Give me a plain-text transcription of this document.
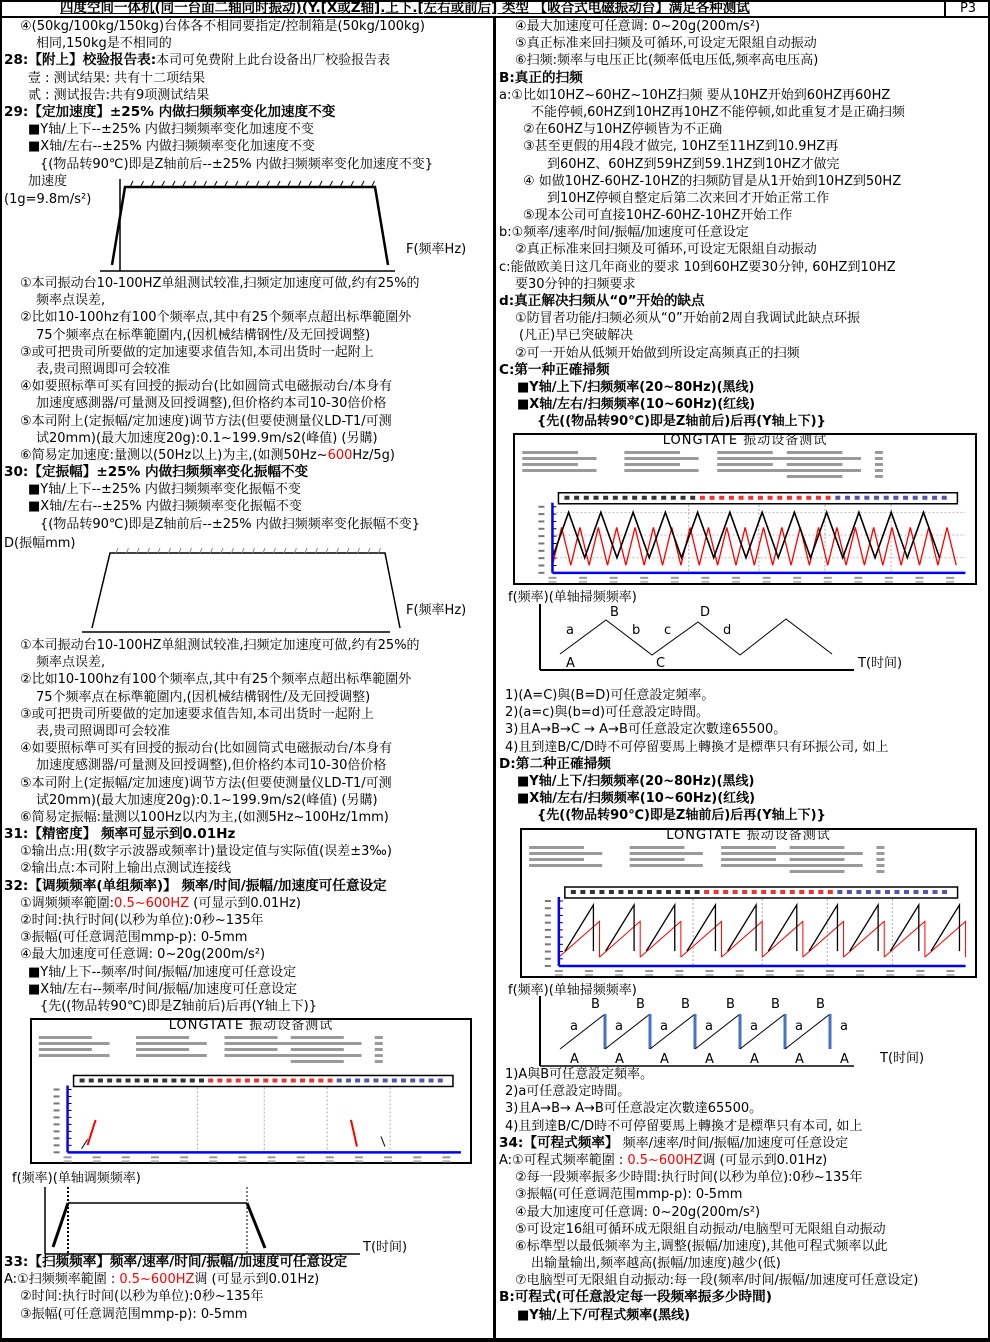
四度空间一体机(同一台面二轴同时振动)(Y.[X或Z轴].上下.[左右或前后] 类型 【吸合式电磁振动台】满足各种测试	P3
④(50kg/100kg/150kg)台体各不相同要指定/控制箱是(50kg/100kg)
相同,150kg是不相同的
28:【附上】校验报告表:本司可免费附上此台设备出厂校验报告表
壹 : 测试结果: 共有十二项结果
贰 : 测试报告:共有9项测试结果
29:【定加速度】±25% 内做扫频频率变化加速度不变
■Y轴/上下--±25% 内做扫频频率变化加速度不变
■X轴/左右--±25% 内做扫频频率变化加速度不变
{(物品转90℃)即是Z轴前后--±25% 内做扫频频率变化加速度不变}
加速度
(1g=9.8m/s²)
F(频率Hz)
①本司振动台10-100HZ单組测试较准,扫频定加速度可做,约有25%的
频率点误差,
②比如10-100hz有100个频率点,其中有25个频率点超出标準範圍外
75个频率点在标準範圍内,(因机械结構钢性/及无回授调整)
③或可把贵司所要做的定加速要求值告知,本司出货时一起附上
表,贵司照调即可会较准
④如要照标準可买有回授的振动台(比如圆筒式电磁振动台/本身有
加速度感測器/可量测及回授调整),但价格约本司10-30倍价格
⑤本司附上(定振幅/定加速度)调节方法(但要使测量仪LD-T1/可测
试20mm)(最大加速度20g):0.1~199.9m/s2(峰值) (另購)
⑥简易定加速度:量测以(50Hz以上)为主,(如测50Hz~600Hz/5g)
30:【定振幅】±25% 内做扫频频率变化振幅不变
■Y轴/上下--±25% 内做扫频频率变化振幅不变
■X轴/左右--±25% 内做扫频频率变化振幅不变
{(物品转90℃)即是Z轴前后--±25% 内做扫频频率变化振幅不变}
D(振幅mm)
F(频率Hz)
①本司振动台10-100HZ单組测试较准,扫频定加速度可做,约有25%的
频率点误差,
②比如10-100hz有100个频率点,其中有25个频率点超出标準範圍外
75个频率点在标準範圍内,(因机械结構钢性/及无回授调整)
③或可把贵司所要做的定加速要求值告知,本司出货时一起附上
表,贵司照调即可会较准
④如要照标準可买有回授的振动台(比如圆筒式电磁振动台/本身有
加速度感測器/可量测及回授调整),但价格约本司10-30倍价格
⑤本司附上(定振幅/定加速度)调节方法(但要使测量仪LD-T1/可测
试20mm)(最大加速度20g):0.1~199.9m/s2(峰值) (另購)
⑥简易定振幅:量测以100Hz以内为主,(如测5Hz~100Hz/1mm)
31:【精密度】 频率可显示到0.01Hz
①输出点:用(数字示波器或频率计)量设定值与实际值(误差±3‰)
②输出点:本司附上输出点测试连接线
32:【调频频率(单组频率)】 频率/时间/振幅/加速度可任意设定
①调频频率範圍:0.5~600HZ (可显示到0.01Hz)
②时间:执行时间(以秒为单位):0秒~135年
③振幅(可任意调范围mmp-p): 0-5mm
④最大加速度可任意调: 0~20g(200m/s²)
■Y轴/上下--频率/时间/振幅/加速度可任意设定
■X轴/左右--频率/时间/振幅/加速度可任意设定
{先((物品转90℃)即是Z轴前后)后再(Y轴上下)}
LONGTATE 振动设备测试
f(频率)(单轴调频频率)
T(时间)
33:【扫频频率】频率/速率/时间/振幅/加速度可任意设定
A:①扫频频率範圍 : 0.5~600HZ调 (可显示到0.01Hz)
②时间:执行时间(以秒为单位):0秒~135年
③振幅(可任意调范围mmp-p): 0-5mm
④最大加速度可任意调: 0~20g(200m/s²)
⑤真正标准来回扫频及可循环,可设定无限組自动振动
⑥扫频:频率与电压正比(频率低电压低,频率高电压高)
B:真正的扫频
a:①比如10HZ~60HZ~10HZ扫频 要从10HZ开始到60HZ再60HZ
不能停顿,60HZ到10HZ再10HZ不能停顿,如此重复才是正确扫频
②在60HZ与10HZ停顿皆为不正确
③甚至更假的用4段才做完, 10HZ至11HZ到10.9HZ再
到60HZ、60HZ到59HZ到59.1HZ到10HZ才做完
④ 如做10HZ-60HZ-10HZ的扫频防冒是从1开始到10HZ到50HZ
到10HZ停顿自整定后第二次来回才开始正常工作
⑤现本公司可直接10HZ-60HZ-10HZ开始工作
b:①频率/速率/时间/振幅/加速度可任意设定
②真正标准来回扫频及可循环,可设定无限組自动振动
c:能做欧美日这几年商业的要求 10到60HZ要30分钟, 60HZ到10HZ
要30分钟的扫频要求
d:真正解决扫频从“0”开始的缺点
①防冒者功能/扫频必须从“0”开始前2周自我调试此缺点环振
(凡正)早已突破解决
②可一开始从低频开始做到所设定高频真正的扫频
C:第一种正確掃频
■Y轴/上下/扫频频率(20~80Hz)(黑线)
■X轴/左右/扫频频率(10~60Hz)(红线)
{先((物品转90℃)即是Z轴前后)后再(Y轴上下)}
LONGTATE 振动设备测试
f(频率)(单轴掃频频率)
T(时间)
B	D
a	b c	d
A	C
1)(A=C)與(B=D)可任意設定頻率。
2)(a=c)與(b=d)可任意設定時間。
3)且A→B→C → A→B可任意設定次數達65500。
4)且到達B/C/D時不可停留要馬上轉換才是標準只有环振公司, 如上
D:第二种正確掃频
■Y轴/上下/扫频频率(20~80Hz)(黑线)
■X轴/左右/扫频频率(10~60Hz)(红线)
{先((物品转90℃)即是Z轴前后)后再(Y轴上下)}
LONGTATE 振动设备测试
f(频率)(单轴掃频频率)
T(时间)
B	B	B	B	B	B
a
A
a
A
a
A
a
A
a
A
a
A
a
A
1)A與B可任意設定頻率。
2)a可任意設定時間。
3)且A→B→ A→B可任意設定次數達65500。
4)且到達B/C/D時不可停留要馬上轉換才是標準只有本司, 如上
34:【可程式频率】 频率/速率/时间/振幅/加速度可任意设定
A:①可程式频率範圍 : 0.5~600HZ调 (可显示到0.01Hz)
②每一段频率振多少時間:执行时间(以秒为单位):0秒~135年
③振幅(可任意调范围mmp-p): 0-5mm
④最大加速度可任意调: 0~20g(200m/s²)
⑤可设定16組可循环成无限組自动振动/电脑型可无限組自动振动
⑥标準型以最低频率为主,调整(振幅/加速度),其他可程式频率以此
出输量输出,频率越高(振幅/加速度)越少(低)
⑦电脑型可无限組自动振动:每一段(频率/时间/振幅/加速度可任意设定)
B:可程式(可任意設定每一段频率振多少時間)
■Y轴/上下/可程式频率(黑线)
